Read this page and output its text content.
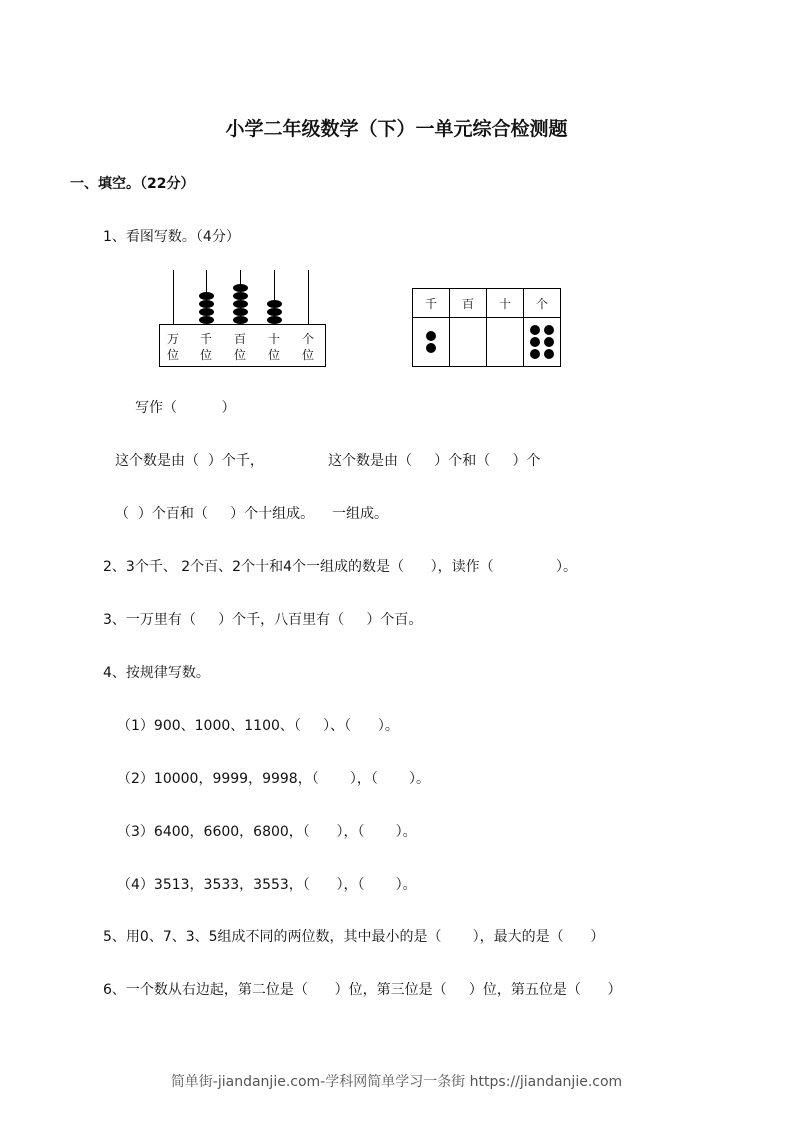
小学二年级数学（下）一单元综合检测题
一、填空。（22分）
1、看图写数。（4分）
千	百	十	个

写作（          ）
这个数是由（  ）个千，	这个数是由（     ）个和（     ）个
（  ）个百和（     ）个十组成。    一组成。
2、3个千、 2个百、2个十和4个一组成的数是（      ），读作（              ）。
3、一万里有（     ）个千，八百里有（     ）个百。
4、按规律写数。
（1）900、1000、1100、（     ）、（      ）。
（2）10000，9999，9998，（       ），（       ）。
（3）6400，6600，6800，（      ），（       ）。
（4）3513，3533，3553，（      ），（       ）。
5、用0、7、3、5组成不同的两位数，其中最小的是（       ），最大的是（      ）
6、一个数从右边起，第二位是（      ）位，第三位是（     ）位，第五位是（      ）
简单街-jiandanjie.com-学科网简单学习一条街 https://jiandanjie.com
万
位
千
位
百
位
十
位
个
位
